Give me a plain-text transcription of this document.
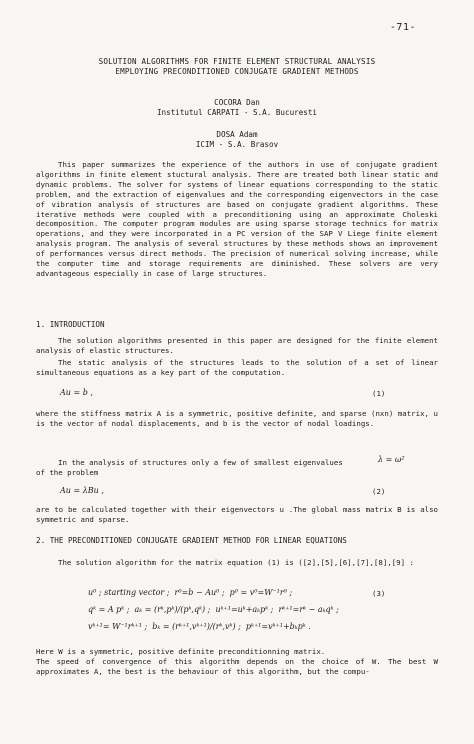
-71-
SOLUTION ALGORITHMS FOR FINITE ELEMENT STRUCTURAL ANALYSIS
EMPLOYING PRECONDITIONED CONJUGATE GRADIENT METHODS
COCORA Dan
Institutul CARPATI - S.A. Bucuresti
DOSA Adam
ICIM - S.A. Brasov

This paper summarizes the experience of the authors in use of conjugate gradient algorithms in finite element stuctural analysis. There are treated both linear static and dynamic problems. The solver for systems of linear equations corresponding to the static problem, and the extraction of eigenvalues and the corresponding eigenvectors in the case of vibration analysis of structures are based on conjugate gradient algorithms. These iterative methods were coupled with a preconditioning using an approximate Choleski decomposition. The computer program modules are using sparse storage technics for matrix operations, and they were incorporated in a PC version of the SAP V Liege finite element analysis program. The analysis of several structures by these methods shows an improvement of performances versus direct methods. The precision of numerical solving increase, while the computer time and storage requirements are diminished. These solvers are very advantageous especially in case of large structures.

1. INTRODUCTION

The solution algorithms presented in this paper are designed for the finite element analysis of elastic structures.

The static analysis of the structures leads to the solution of a set of linear simultaneous equations as a key part of the computation.

Au = b ,	(1)

where the stiffness matrix A is a symmetric, positive definite, and sparse (nxn) matrix, u is the vector of nodal displacements, and b is the vector of nodal loadings.

In the analysis of structures only a few of smallest eigenvalues	λ = ω²
of the problem
Au = λBu ,	(2)

are to be calculated together with their eigenvectors u .The global mass matrix B is also symmetric and sparse.

2. THE PRECONDITIONED CONJUGATE GRADIENT METHOD FOR LINEAR EQUATIONS

The solution algorithm for the matrix equation (1) is ([2],[5],[6],[7],[8],[9] :

u⁰ ; starting vector ;  r⁰=b − Au⁰ ;  p⁰ = v⁰=W⁻¹r⁰ ;	(3)
qᵏ = A pᵏ ;  aₖ = (rᵏ,pᵏ)/(pᵏ,qᵏ) ;  uᵏ⁺¹=uᵏ+aₖpᵏ ;  rᵏ⁺¹=rᵏ − aₖqᵏ ;
vᵏ⁺¹= W⁻¹rᵏ⁺¹ ;  bₖ = (rᵏ⁺¹,vᵏ⁺¹)/(rᵏ,vᵏ) ;  pᵏ⁺¹=vᵏ⁺¹+bₖpᵏ .
Here W is a symmetric, positive definite preconditionning matrix.

The speed of convergence of this algorithm depends on the choice of W. The best W approximates A, the best is the behaviour of this algorithm, but the compu-
